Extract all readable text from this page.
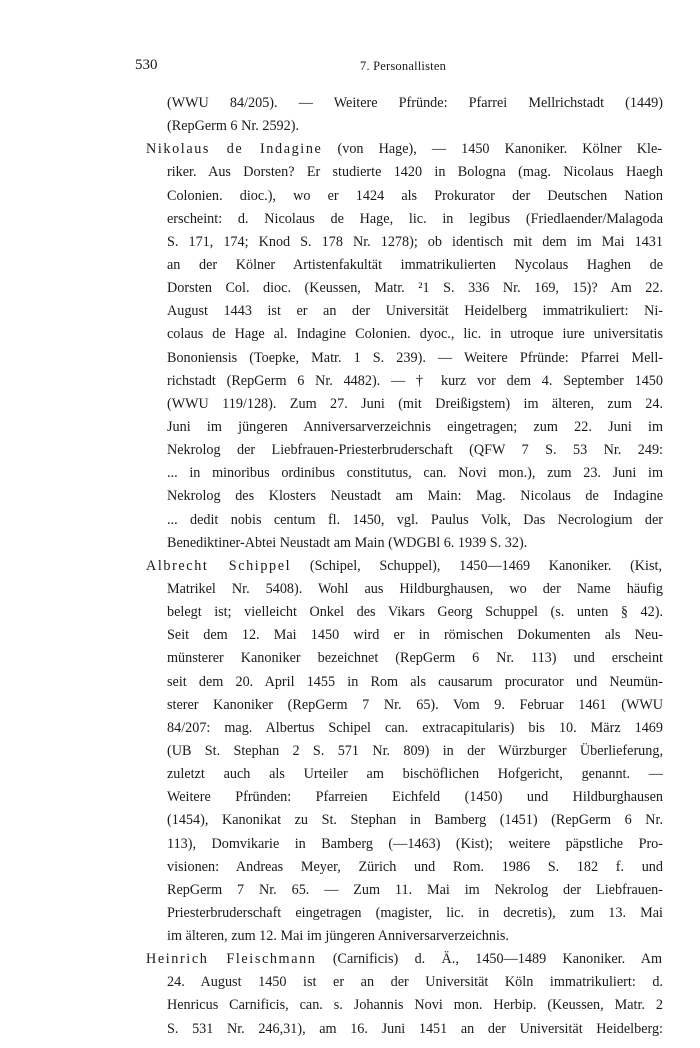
530	7. Personallisten
(WWU 84/205). — Weitere Pfründe: Pfarrei Mellrichstadt (1449)
(RepGerm 6 Nr. 2592).
Nikolaus de Indagine (von Hage), — 1450 Kanoniker. Kölner Kle-
riker. Aus Dorsten? Er studierte 1420 in Bologna (mag. Nicolaus Haegh
Colonien. dioc.), wo er 1424 als Prokurator der Deutschen Nation
erscheint: d. Nicolaus de Hage, lic. in legibus (Friedlaender/Malagoda
S. 171, 174; Knod S. 178 Nr. 1278); ob identisch mit dem im Mai 1431
an der Kölner Artistenfakultät immatrikulierten Nycolaus Haghen de
Dorsten Col. dioc. (Keussen, Matr. ²1 S. 336 Nr. 169, 15)? Am 22.
August 1443 ist er an der Universität Heidelberg immatrikuliert: Ni-
colaus de Hage al. Indagine Colonien. dyoc., lic. in utroque iure universitatis
Bononiensis (Toepke, Matr. 1 S. 239). — Weitere Pfründe: Pfarrei Mell-
richstadt (RepGerm 6 Nr. 4482). — † kurz vor dem 4. September 1450
(WWU 119/128). Zum 27. Juni (mit Dreißigstem) im älteren, zum 24.
Juni im jüngeren Anniversarverzeichnis eingetragen; zum 22. Juni im
Nekrolog der Liebfrauen-Priesterbruderschaft (QFW 7 S. 53 Nr. 249:
... in minoribus ordinibus constitutus, can. Novi mon.), zum 23. Juni im
Nekrolog des Klosters Neustadt am Main: Mag. Nicolaus de Indagine
... dedit nobis centum fl. 1450, vgl. Paulus Volk, Das Necrologium der
Benediktiner-Abtei Neustadt am Main (WDGBl 6. 1939 S. 32).
Albrecht Schippel (Schipel, Schuppel), 1450—1469 Kanoniker. (Kist,
Matrikel Nr. 5408). Wohl aus Hildburghausen, wo der Name häufig
belegt ist; vielleicht Onkel des Vikars Georg Schuppel (s. unten § 42).
Seit dem 12. Mai 1450 wird er in römischen Dokumenten als Neu-
münsterer Kanoniker bezeichnet (RepGerm 6 Nr. 113) und erscheint
seit dem 20. April 1455 in Rom als causarum procurator und Neumün-
sterer Kanoniker (RepGerm 7 Nr. 65). Vom 9. Februar 1461 (WWU
84/207: mag. Albertus Schipel can. extracapitularis) bis 10. März 1469
(UB St. Stephan 2 S. 571 Nr. 809) in der Würzburger Überlieferung,
zuletzt auch als Urteiler am bischöflichen Hofgericht, genannt. —
Weitere Pfründen: Pfarreien Eichfeld (1450) und Hildburghausen
(1454), Kanonikat zu St. Stephan in Bamberg (1451) (RepGerm 6 Nr.
113), Domvikarie in Bamberg (—1463) (Kist); weitere päpstliche Pro-
visionen: Andreas Meyer, Zürich und Rom. 1986 S. 182 f. und
RepGerm 7 Nr. 65. — Zum 11. Mai im Nekrolog der Liebfrauen-
Priesterbruderschaft eingetragen (magister, lic. in decretis), zum 13. Mai
im älteren, zum 12. Mai im jüngeren Anniversarverzeichnis.
Heinrich Fleischmann (Carnificis) d. Ä., 1450—1489 Kanoniker. Am
24. August 1450 ist er an der Universität Köln immatrikuliert: d.
Henricus Carnificis, can. s. Johannis Novi mon. Herbip. (Keussen, Matr. 2
S. 531 Nr. 246,31), am 16. Juni 1451 an der Universität Heidelberg:
